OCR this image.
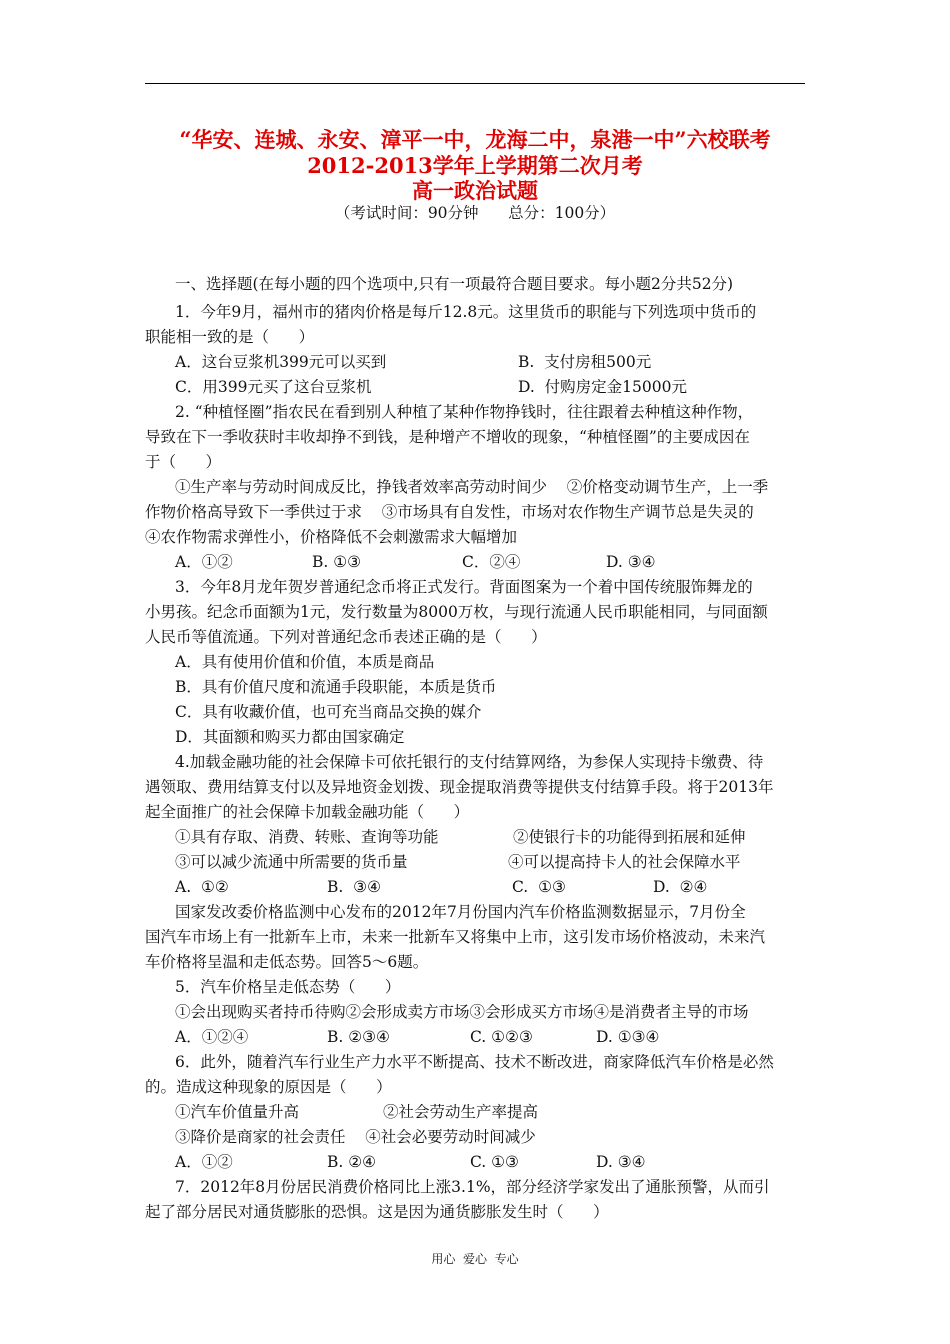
“华安、连城、永安、漳平一中，龙海二中，泉港一中”六校联考
2012-2013学年上学期第二次月考
高一政治试题
（考试时间：90分钟      总分：100分）
一、选择题(在每小题的四个选项中,只有一项最符合题目要求。每小题2分共52分)
1．今年9月，福州市的猪肉价格是每斤12.8元。这里货币的职能与下列选项中货币的
职能相一致的是（      ）
A．这台豆浆机399元可以买到	B.  支付房租500元
C．用399元买了这台豆浆机	D.  付购房定金15000元
2. “种植怪圈”指农民在看到别人种植了某种作物挣钱时，往往跟着去种植这种作物，
导致在下一季收获时丰收却挣不到钱，是种增产不增收的现象，“种植怪圈”的主要成因在
于（      ）
①生产率与劳动时间成反比，挣钱者效率高劳动时间少    ②价格变动调节生产，上一季
作物价格高导致下一季供过于求    ③市场具有自发性，市场对农作物生产调节总是失灵的
④农作物需求弹性小，价格降低不会刺激需求大幅增加
A．①②	B. ①③	C．②④	D. ③④
3．今年8月龙年贺岁普通纪念币将正式发行。背面图案为一个着中国传统服饰舞龙的
小男孩。纪念币面额为1元，发行数量为8000万枚，与现行流通人民币职能相同，与同面额
人民币等值流通。下列对普通纪念币表述正确的是（      ）
A．具有使用价值和价值，本质是商品
B．具有价值尺度和流通手段职能，本质是货币
C．具有收藏价值，也可充当商品交换的媒介
D．其面额和购买力都由国家确定
4.加载金融功能的社会保障卡可依托银行的支付结算网络，为参保人实现持卡缴费、待
遇领取、费用结算支付以及异地资金划拨、现金提取消费等提供支付结算手段。将于2013年
起全面推广的社会保障卡加载金融功能（      ）
①具有存取、消费、转账、查询等功能	②使银行卡的功能得到拓展和延伸
③可以减少流通中所需要的货币量	④可以提高持卡人的社会保障水平
A.  ①②	B.  ③④	C.  ①③	D.  ②④
国家发改委价格监测中心发布的2012年7月份国内汽车价格监测数据显示，7月份全
国汽车市场上有一批新车上市，未来一批新车又将集中上市，这引发市场价格波动，未来汽
车价格将呈温和走低态势。回答5～6题。
5．汽车价格呈走低态势（      ）
①会出现购买者持币待购②会形成卖方市场③会形成买方市场④是消费者主导的市场
A．①②④	B. ②③④	C. ①②③	D. ①③④
6．此外，随着汽车行业生产力水平不断提高、技术不断改进，商家降低汽车价格是必然
的。造成这种现象的原因是（      ）
①汽车价值量升高	②社会劳动生产率提高
③降价是商家的社会责任    ④社会必要劳动时间减少
A．①②	B. ②④	C. ①③	D. ③④
7．2012年8月份居民消费价格同比上涨3.1%，部分经济学家发出了通胀预警，从而引
起了部分居民对通货膨胀的恐惧。这是因为通货膨胀发生时（      ）
用心  爱心  专心
